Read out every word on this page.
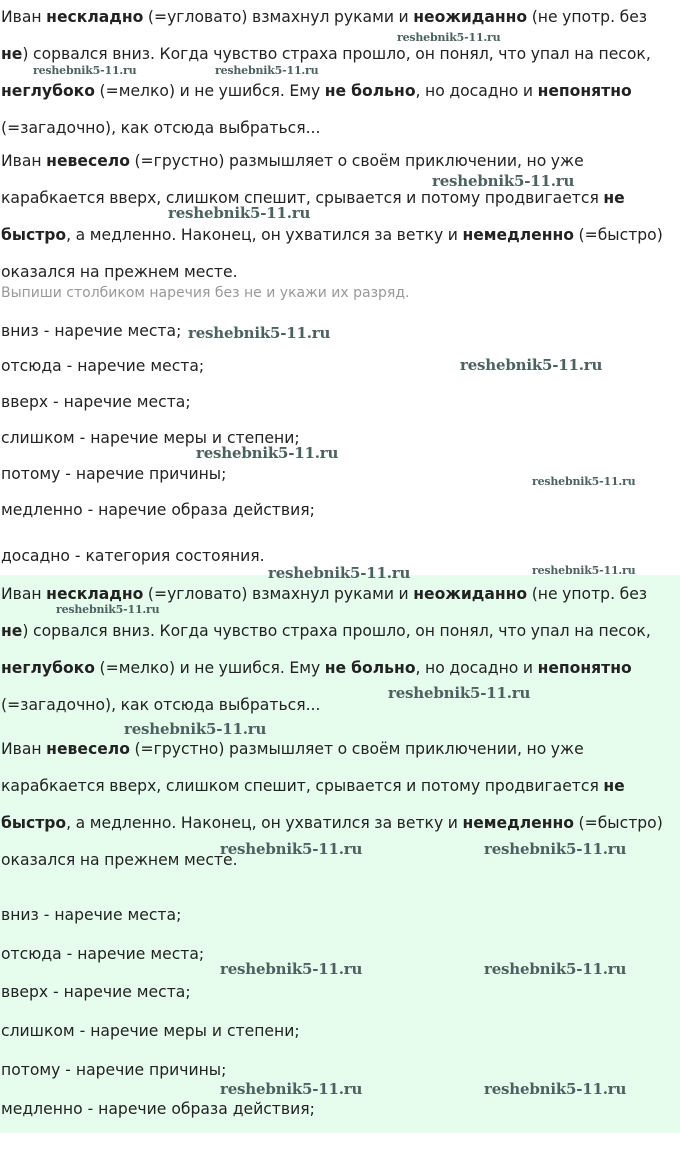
Иван нескладно (=угловато) взмахнул руками и неожиданно (не употр. без не) сорвался вниз. Когда чувство страха прошло, он понял, что упал на песок, неглубоко (=мелко) и не ушибся. Ему не больно, но досадно и непонятно (=загадочно), как отсюда выбраться...

Иван невесело (=грустно) размышляет о своём приключении, но уже карабкается вверх, слишком спешит, срывается и потому продвигается не быстро, а медленно. Наконец, он ухватился за ветку и немедленно (=быстро) оказался на прежнем месте.

Выпиши столбиком наречия без не и укажи их разряд.
вниз - наречие места;
отсюда - наречие места;
вверх - наречие места;
слишком - наречие меры и степени;
потому - наречие причины;
медленно - наречие образа действия;
досадно - категория состояния.

Иван нескладно (=угловато) взмахнул руками и неожиданно (не употр. без не) сорвался вниз. Когда чувство страха прошло, он понял, что упал на песок, неглубоко (=мелко) и не ушибся. Ему не больно, но досадно и непонятно (=загадочно), как отсюда выбраться...

Иван невесело (=грустно) размышляет о своём приключении, но уже карабкается вверх, слишком спешит, срывается и потому продвигается не быстро, а медленно. Наконец, он ухватился за ветку и немедленно (=быстро) оказался на прежнем месте.

вниз - наречие места;
отсюда - наречие места;
вверх - наречие места;
слишком - наречие меры и степени;
потому - наречие причины;
медленно - наречие образа действия;
reshebnik5-11.ru
reshebnik5-11.ru	reshebnik5-11.ru
reshebnik5-11.ru
reshebnik5-11.ru
reshebnik5-11.ru
reshebnik5-11.ru
reshebnik5-11.ru
reshebnik5-11.ru
reshebnik5-11.ru
reshebnik5-11.ru
reshebnik5-11.ru
reshebnik5-11.ru
reshebnik5-11.ru
reshebnik5-11.ru	reshebnik5-11.ru
reshebnik5-11.ru	reshebnik5-11.ru
reshebnik5-11.ru	reshebnik5-11.ru
